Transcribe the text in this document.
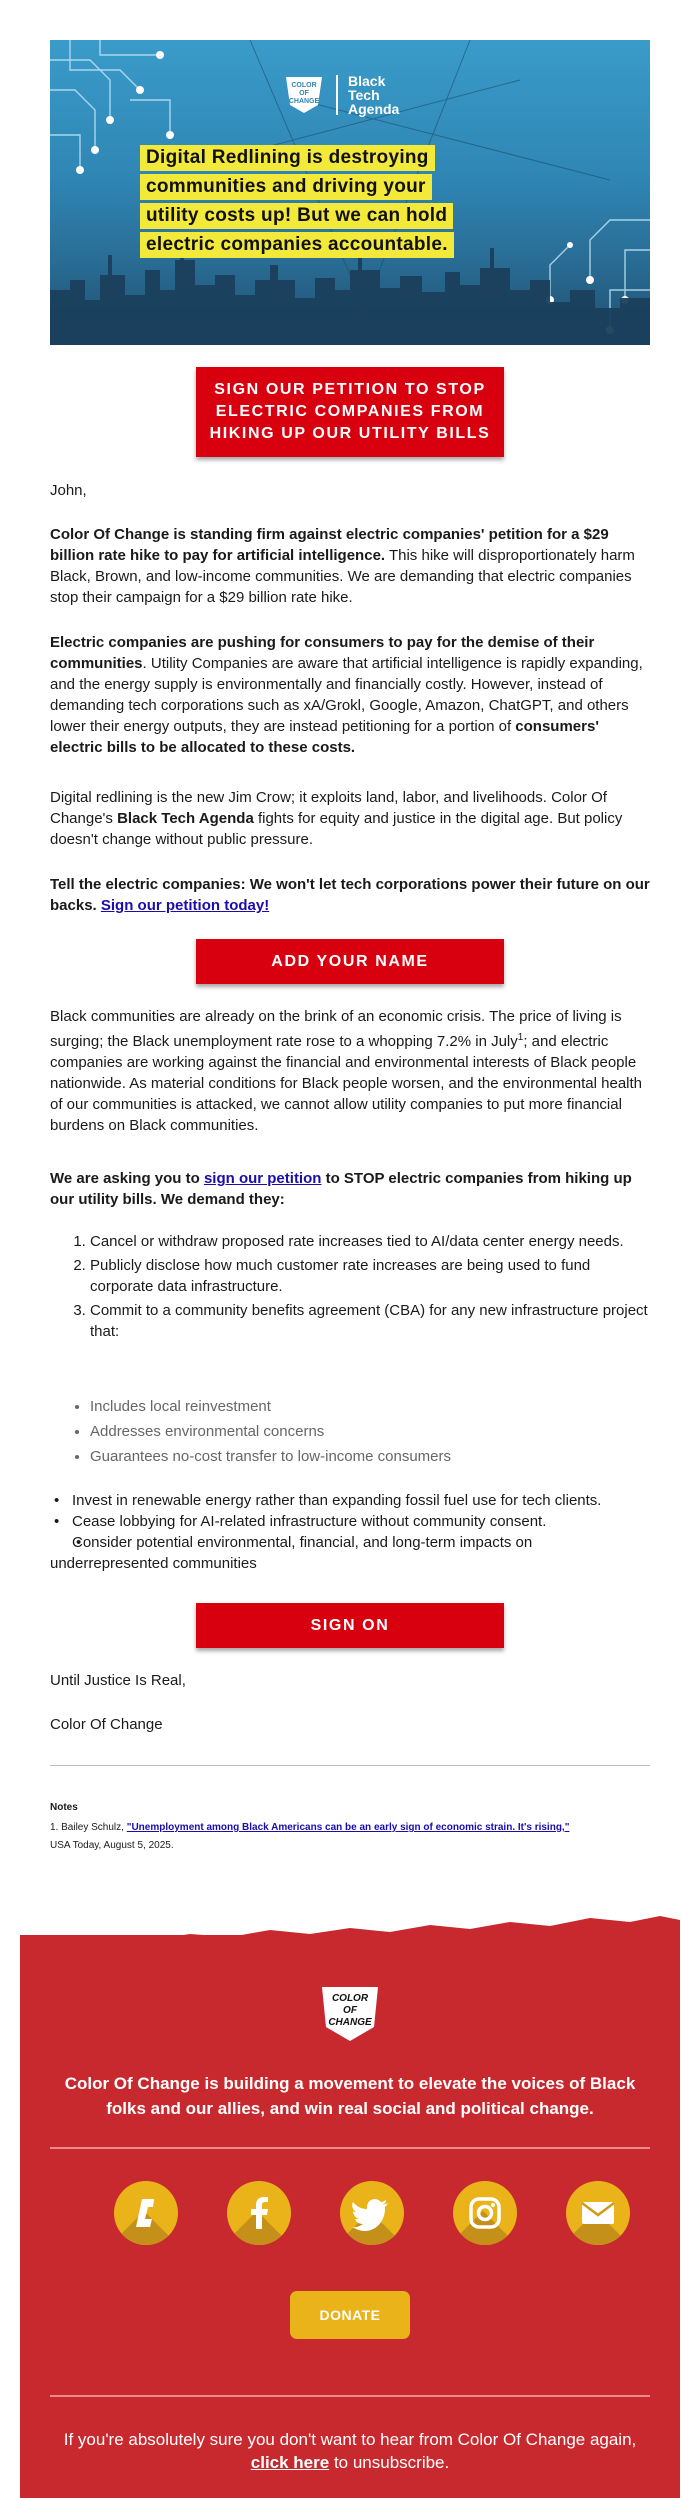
COLOR
OF
CHANGE
Black
Tech
Agenda
Digital Redlining is destroying
communities and driving your
utility costs up! But we can hold
electric companies accountable.
SIGN OUR PETITION TO STOP ELECTRIC COMPANIES FROM HIKING UP OUR UTILITY BILLS

John,

Color Of Change is standing firm against electric companies' petition for a $29 billion rate hike to pay for artificial intelligence. This hike will disproportionately harm Black, Brown, and low-income communities. We are demanding that electric companies stop their campaign for a $29 billion rate hike.

Electric companies are pushing for consumers to pay for the demise of their communities. Utility Companies are aware that artificial intelligence is rapidly expanding, and the energy supply is environmentally and financially costly. However, instead of demanding tech corporations such as xA/Grokl, Google, Amazon, ChatGPT, and others lower their energy outputs, they are instead petitioning for a portion of consumers' electric bills to be allocated to these costs.

Digital redlining is the new Jim Crow; it exploits land, labor, and livelihoods. Color Of Change's Black Tech Agenda fights for equity and justice in the digital age. But policy doesn't change without public pressure.

Tell the electric companies: We won't let tech corporations power their future on our backs. Sign our petition today!

ADD YOUR NAME

Black communities are already on the brink of an economic crisis. The price of living is surging; the Black unemployment rate rose to a whopping 7.2% in July$^1$; and electric companies are working against the financial and environmental interests of Black people nationwide. As material conditions for Black people worsen, and the environmental health of our communities is attacked, we cannot allow utility companies to put more financial burdens on Black communities.

We are asking you to sign our petition to STOP electric companies from hiking up our utility bills. We demand they:

1. Cancel or withdraw proposed rate increases tied to AI/data center energy needs.
2. Publicly disclose how much customer rate increases are being used to fund corporate data infrastructure.
3. Commit to a community benefits agreement (CBA) for any new infrastructure project that:
• Includes local reinvestment
• Addresses environmental concerns
• Guarantees no-cost transfer to low-income consumers
• Invest in renewable energy rather than expanding fossil fuel use for tech clients.
• Cease lobbying for AI-related infrastructure without community consent.
• Consider potential environmental, financial, and long-term impacts on underrepresented communities
SIGN ON

Until Justice Is Real,

Color Of Change

Notes
1. Bailey Schulz, "Unemployment among Black Americans can be an early sign of economic strain. It's rising,"
USA Today, August 5, 2025.
COLOR
OF
CHANGE
Color Of Change is building a movement to elevate the voices of Black folks and our allies, and win real social and political change.
DONATE
If you're absolutely sure you don't want to hear from Color Of Change again, click here to unsubscribe.
